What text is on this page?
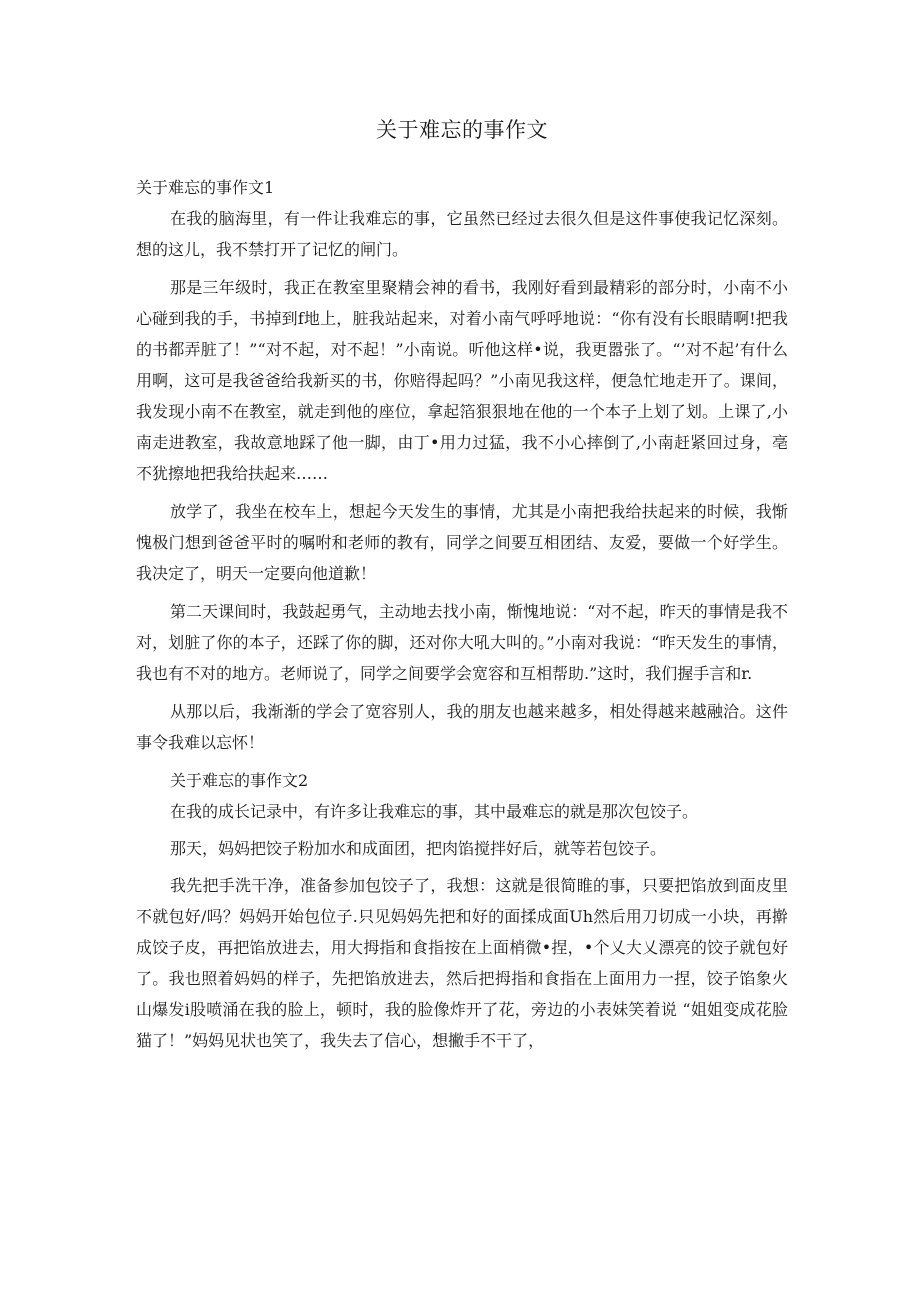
关于难忘的事作文

关于难忘的事作文1

在我的脑海里，有一件让我难忘的事，它虽然已经过去很久但是这件事使我记忆深刻。想的这儿，我不禁打开了记忆的闸门。

那是三年级时，我正在教室里聚精会神的看书，我刚好看到最精彩的部分时，小南不小心碰到我的手，书掉到f地上，脏我站起来，对着小南气呼呼地说：“你有没有长眼睛啊!把我的书都弄脏了！”“对不起，对不起！”小南说。听他这样•说，我更嚣张了。“’对不起’有什么用啊，这可是我爸爸给我新买的书，你赔得起吗？”小南见我这样，便急忙地走开了。课间，我发现小南不在教室，就走到他的座位，拿起箔狠狠地在他的一个本子上划了划。上课了,小南走进教室，我故意地踩了他一脚，由丁•用力过猛，我不小心摔倒了,小南赶紧回过身，亳不犹擦地把我给扶起来……

放学了，我坐在校车上，想起今天发生的事情，尤其是小南把我给扶起来的时候，我惭愧极门想到爸爸平时的嘱咐和老师的教有，同学之间要互相团结、友爱，要做一个好学生。我决定了，明天一定要向他道歉！

第二天课间时，我鼓起勇气，主动地去找小南，惭愧地说：“对不起，昨天的事情是我不对，划脏了你的本子，还踩了你的脚，还对你大吼大叫的。”小南对我说：“昨天发生的事情，我也有不对的地方。老师说了，同学之间要学会宽容和互相帮助.”这时，我们握手言和r.

从那以后，我渐渐的学会了宽容别人，我的朋友也越来越多，相处得越来越融洽。这件事令我难以忘怀！

关于难忘的事作文2

在我的成长记录中，有许多让我难忘的事，其中最难忘的就是那次包饺子。

那天，妈妈把饺子粉加水和成面团，把肉馅搅拌好后，就等若包饺子。

我先把手洗干净，准备参加包饺子了，我想：这就是很简睢的事，只要把馅放到面皮里不就包好/吗？妈妈开始包位子.只见妈妈先把和好的面揉成面Uh然后用刀切成一小块，再擀成饺子皮，再把馅放进去，用大拇指和食指按在上面梢微•捏，•个乂大乂漂亮的饺子就包好了。我也照着妈妈的样子，先把馅放进去，然后把拇指和食指在上面用力一捏，饺子馅象火山爆发i股喷涌在我的脸上，顿时，我的脸像炸开了花，旁边的小表妹笑着说 “姐姐变成花脸猫了！”妈妈见状也笑了，我失去了信心，想撇手不干了，
